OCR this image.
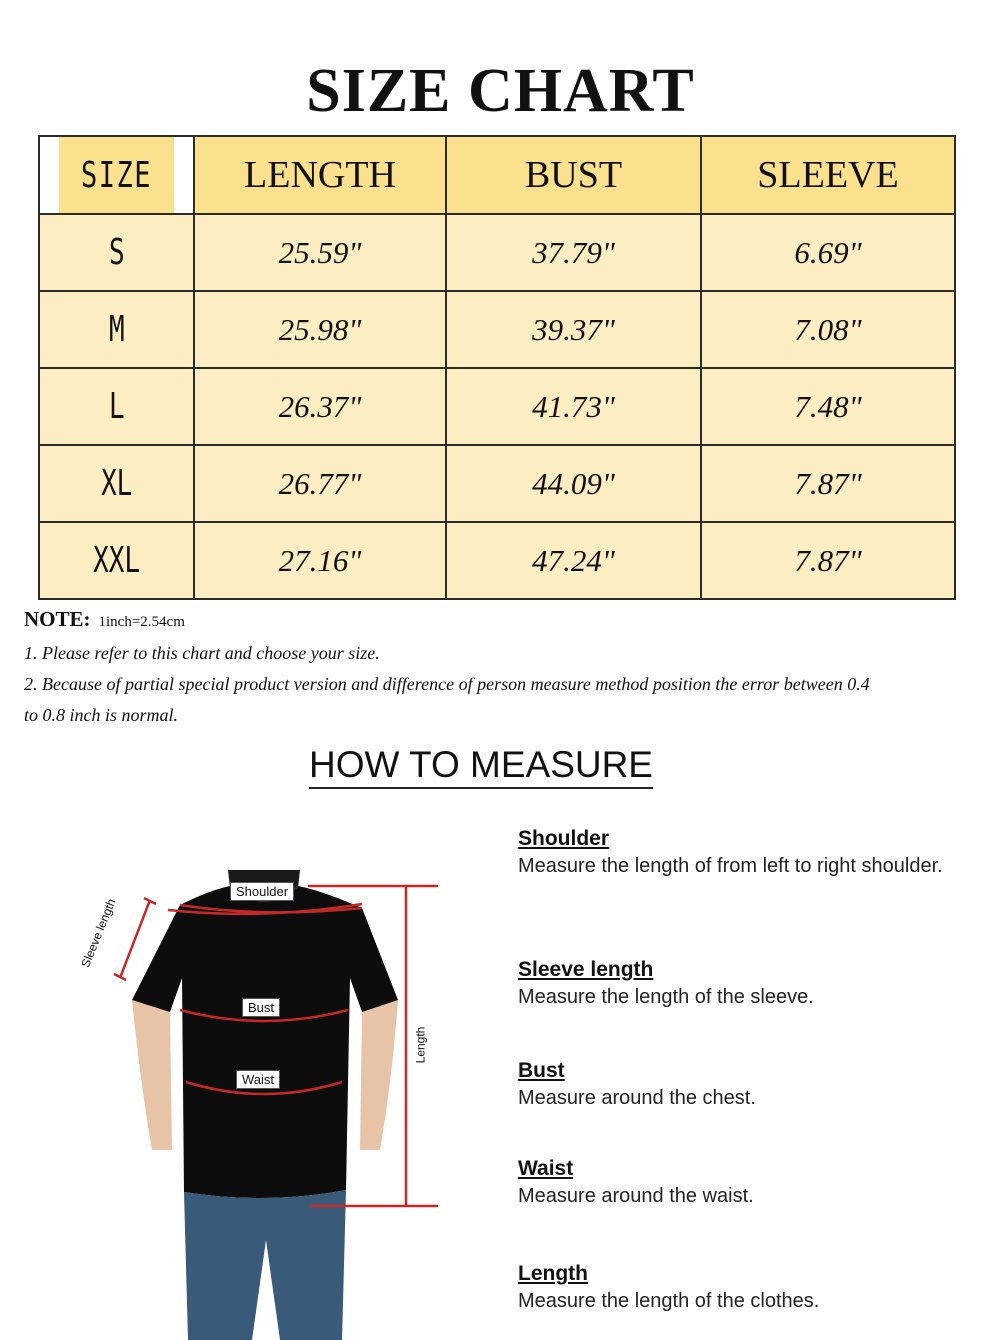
SIZE CHART
SIZE	LENGTH	BUST	SLEEVE
S	25.59"	37.79"	6.69"
M	25.98"	39.37"	7.08"
L	26.37"	41.73"	7.48"
XL	26.77"	44.09"	7.87"
XXL	27.16"	47.24"	7.87"
NOTE: 1inch=2.54cm

1. Please refer to this chart and choose your size.

2. Because of partial special product version and difference of person measure method position the error between 0.4 to 0.8 inch is normal.

HOW TO MEASURE
Shoulder
Bust
Waist
Sleeve length
Length
Shoulder

Measure the length of from left to right shoulder.

Sleeve length

Measure the length of the sleeve.

Bust

Measure around the chest.

Waist

Measure around the waist.

Length

Measure the length of the clothes.
